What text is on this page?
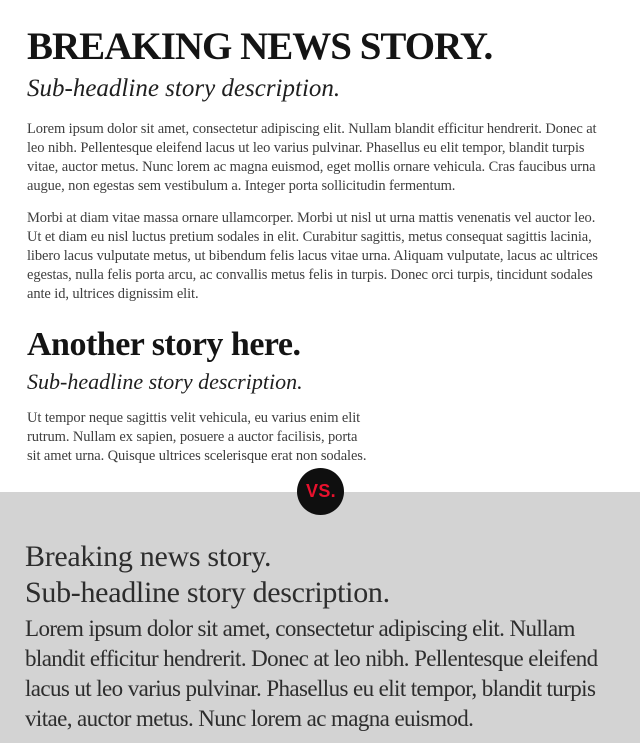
BREAKING NEWS STORY.

Sub-headline story description.

Lorem ipsum dolor sit amet, consectetur adipiscing elit. Nullam blandit efficitur hendrerit. Donec at leo nibh. Pellentesque eleifend lacus ut leo varius pulvinar. Phasellus eu elit tempor, blandit turpis vitae, auctor metus. Nunc lorem ac magna euismod, eget mollis ornare vehicula. Cras faucibus urna augue, non egestas sem vestibulum a. Integer porta sollicitudin fermentum.

Morbi at diam vitae massa ornare ullamcorper. Morbi ut nisl ut urna mattis venenatis vel auctor leo. Ut et diam eu nisl luctus pretium sodales in elit. Curabitur sagittis, metus consequat sagittis lacinia, libero lacus vulputate metus, ut bibendum felis lacus vitae urna. Aliquam vulputate, lacus ac ultrices egestas, nulla felis porta arcu, ac convallis metus felis in turpis. Donec orci turpis, tincidunt sodales ante id, ultrices dignissim elit.

Another story here.

Sub-headline story description.

Ut tempor neque sagittis velit vehicula, eu varius enim elit rutrum. Nullam ex sapien, posuere a auctor facilisis, porta sit amet urna. Quisque ultrices scelerisque erat non sodales.

VS.

Breaking news story.

Sub-headline story description.

Lorem ipsum dolor sit amet, consectetur adipiscing elit. Nullam blandit efficitur hendrerit. Donec at leo nibh. Pellentesque eleifend lacus ut leo varius pulvinar. Phasellus eu elit tempor, blandit turpis vitae, auctor metus. Nunc lorem ac magna euismod.
